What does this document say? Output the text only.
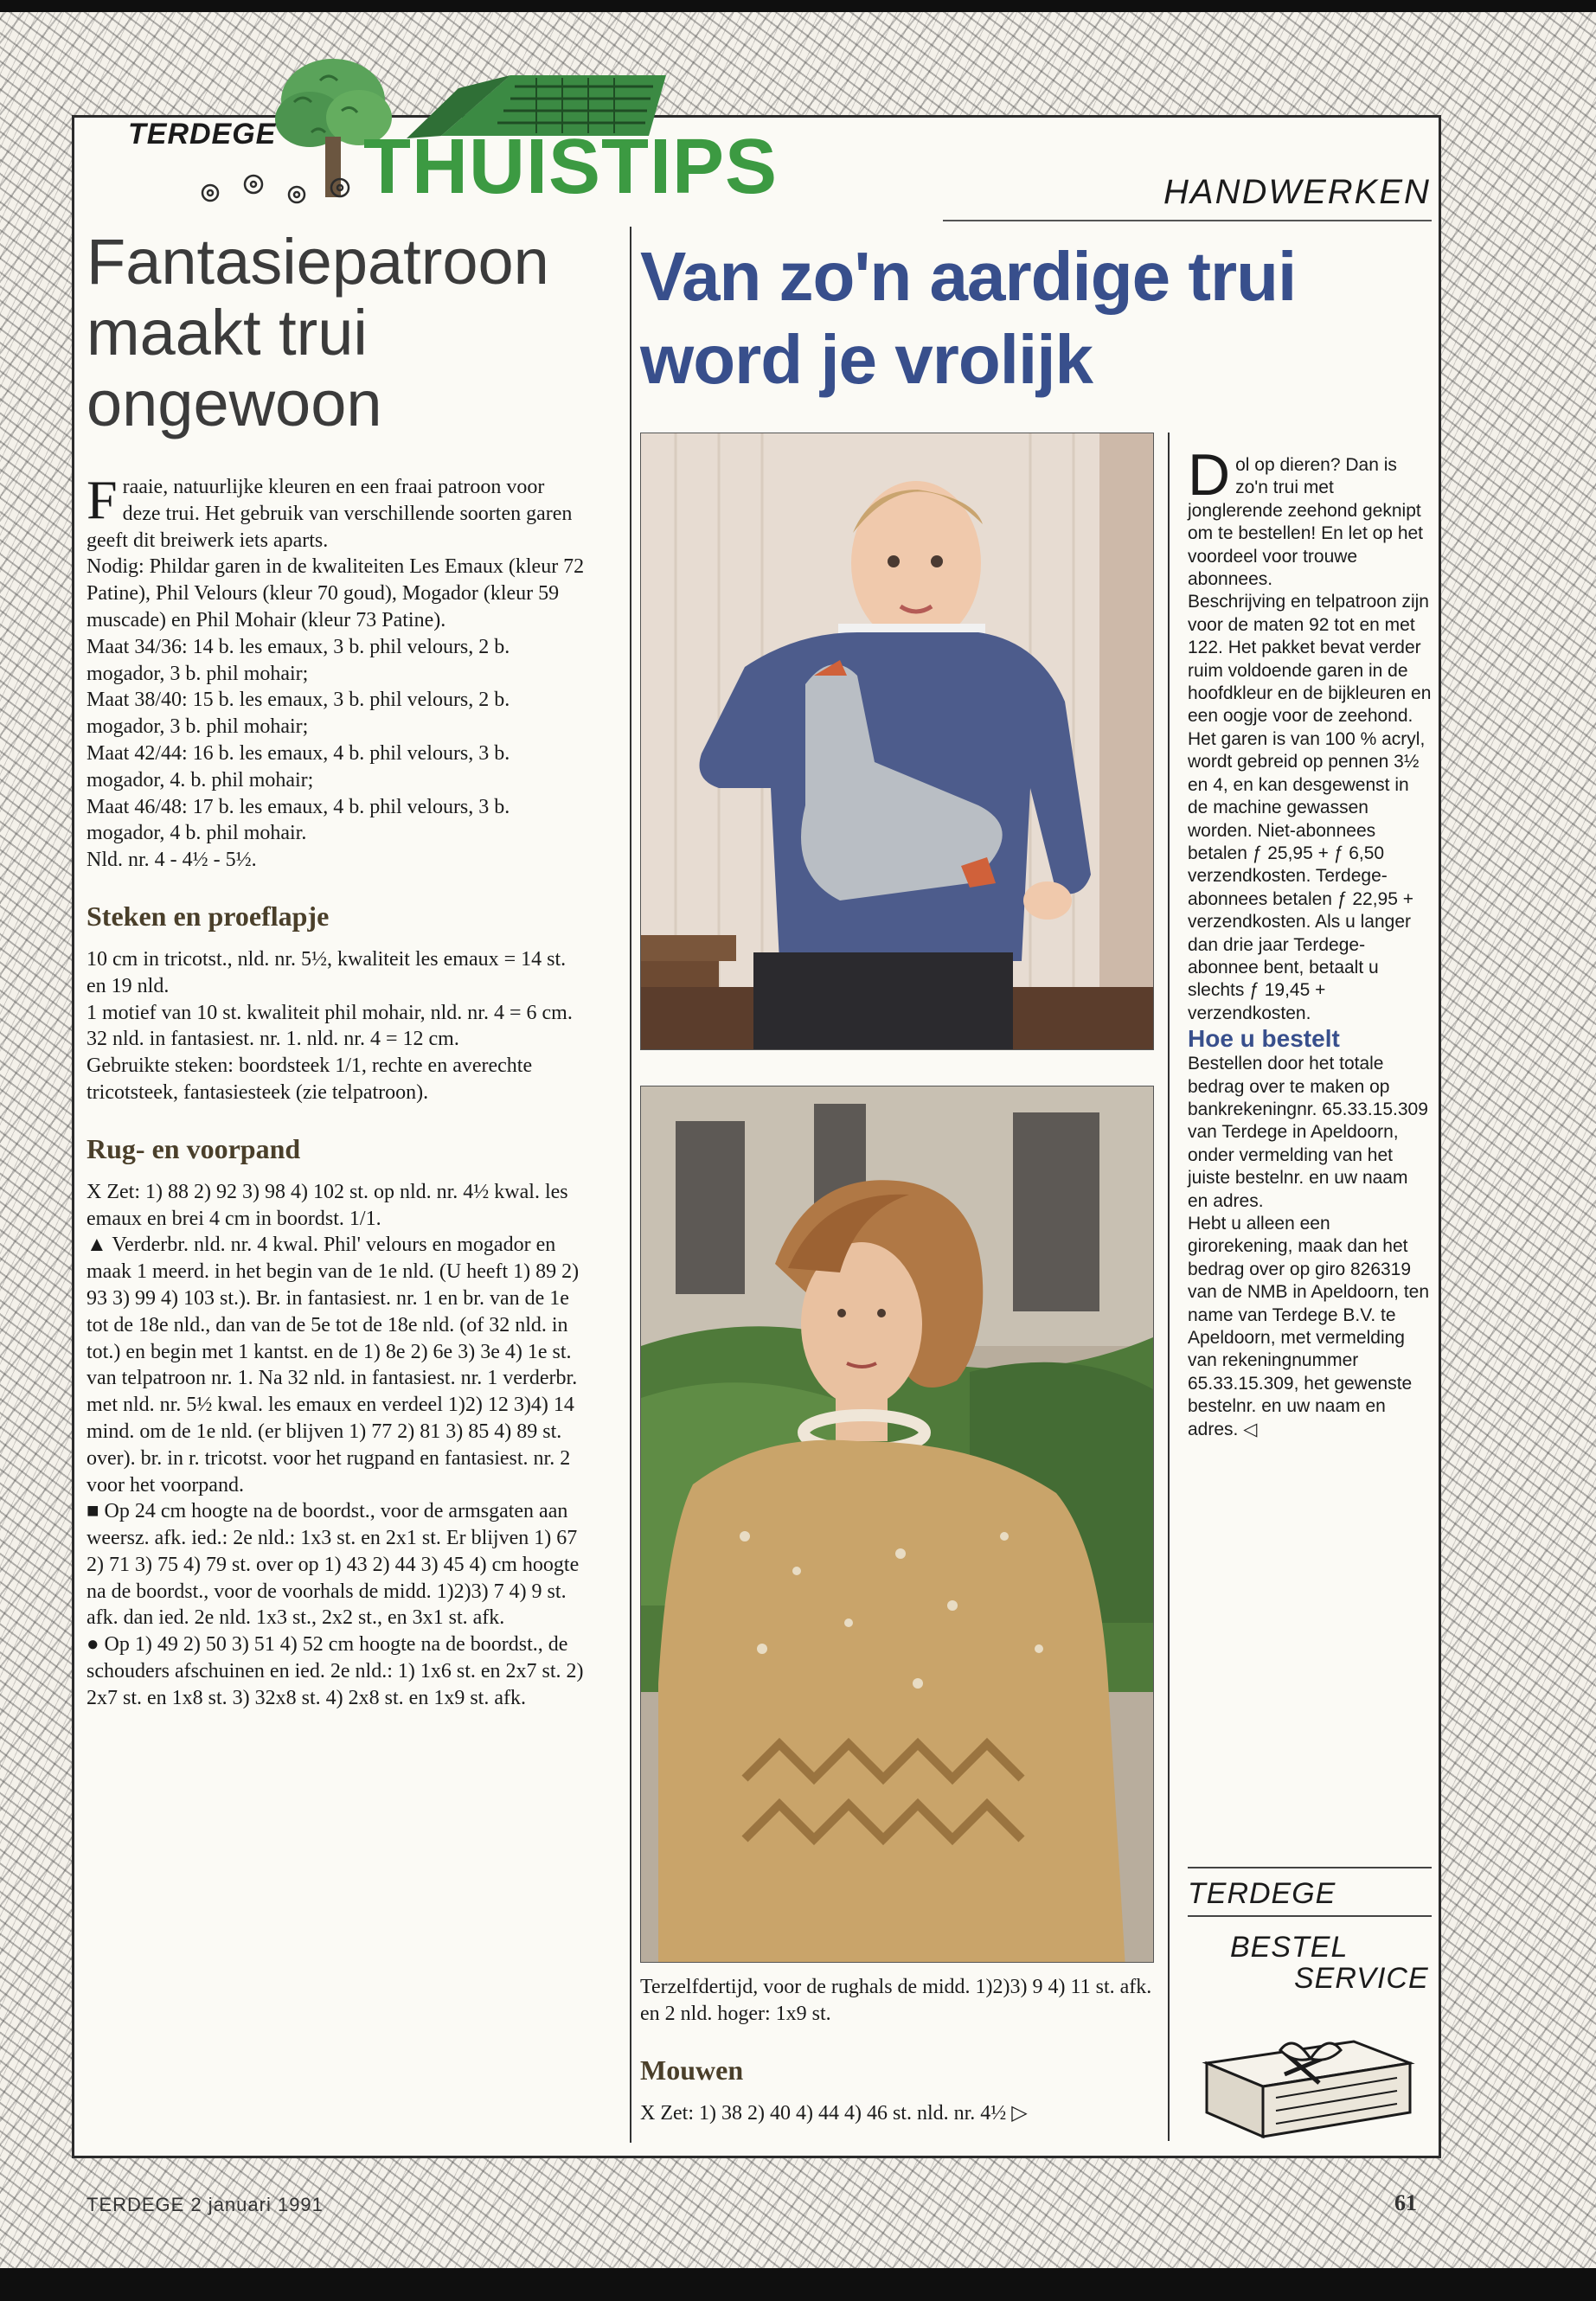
TERDEGE THUISTIPS	HANDWERKEN
Fantasiepatroon maakt trui ongewoon

Fraaie, natuurlijke kleuren en een fraai patroon voor deze trui. Het gebruik van verschillende soorten garen geeft dit breiwerk iets aparts.

Nodig: Phildar garen in de kwaliteiten Les Emaux (kleur 72 Patine), Phil Velours (kleur 70 goud), Mogador (kleur 59 muscade) en Phil Mohair (kleur 73 Patine).

Maat 34/36: 14 b. les emaux, 3 b. phil velours, 2 b. mogador, 3 b. phil mohair;

Maat 38/40: 15 b. les emaux, 3 b. phil velours, 2 b. mogador, 3 b. phil mohair;

Maat 42/44: 16 b. les emaux, 4 b. phil velours, 3 b. mogador, 4. b. phil mohair;

Maat 46/48: 17 b. les emaux, 4 b. phil velours, 3 b. mogador, 4 b. phil mohair.

Nld. nr. 4 - 4½ - 5½.

Steken en proeflapje

10 cm in tricotst., nld. nr. 5½, kwaliteit les emaux = 14 st. en 19 nld.

1 motief van 10 st. kwaliteit phil mohair, nld. nr. 4 = 6 cm.

32 nld. in fantasiest. nr. 1. nld. nr. 4 = 12 cm.

Gebruikte steken: boordsteek 1/1, rechte en averechte tricotsteek, fantasiesteek (zie telpatroon).

Rug- en voorpand

X Zet: 1) 88 2) 92 3) 98 4) 102 st. op nld. nr. 4½ kwal. les emaux en brei 4 cm in boordst. 1/1.

▲ Verderbr. nld. nr. 4 kwal. Phil' velours en mogador en maak 1 meerd. in het begin van de 1e nld. (U heeft 1) 89 2) 93 3) 99 4) 103 st.). Br. in fantasiest. nr. 1 en br. van de 1e tot de 18e nld., dan van de 5e tot de 18e nld. (of 32 nld. in tot.) en begin met 1 kantst. en de 1) 8e 2) 6e 3) 3e 4) 1e st. van telpatroon nr. 1. Na 32 nld. in fantasiest. nr. 1 verderbr. met nld. nr. 5½ kwal. les emaux en verdeel 1)2) 12 3)4) 14 mind. om de 1e nld. (er blijven 1) 77 2) 81 3) 85 4) 89 st. over). br. in r. tricotst. voor het rugpand en fantasiest. nr. 2 voor het voorpand.

■ Op 24 cm hoogte na de boordst., voor de armsgaten aan weersz. afk. ied.: 2e nld.: 1x3 st. en 2x1 st. Er blijven 1) 67 2) 71 3) 75 4) 79 st. over op 1) 43 2) 44 3) 45 4) cm hoogte na de boordst., voor de voorhals de midd. 1)2)3) 7 4) 9 st. afk. dan ied. 2e nld. 1x3 st., 2x2 st., en 3x1 st. afk.

● Op 1) 49 2) 50 3) 51 4) 52 cm hoogte na de boordst., de schouders afschuinen en ied. 2e nld.: 1) 1x6 st. en 2x7 st. 2) 2x7 st. en 1x8 st. 3) 32x8 st. 4) 2x8 st. en 1x9 st. afk.

Van zo'n aardige trui word je vrolijk

Terzelfdertijd, voor de rughals de midd. 1)2)3) 9 4) 11 st. afk. en 2 nld. hoger: 1x9 st.

Mouwen

X Zet: 1) 38 2) 40 4) 44 4) 46 st. nld. nr. 4½ ▷

Dol op dieren? Dan is zo'n trui met jonglerende zeehond geknipt om te bestellen! En let op het voordeel voor trouwe abonnees.

Beschrijving en telpatroon zijn voor de maten 92 tot en met 122. Het pakket bevat verder ruim voldoende garen in de hoofdkleur en de bijkleuren en een oogje voor de zeehond. Het garen is van 100 % acryl, wordt gebreid op pennen 3½ en 4, en kan desgewenst in de machine gewassen worden. Niet-abonnees betalen ƒ 25,95 + ƒ 6,50 verzendkosten. Terdege-abonnees betalen ƒ 22,95 + verzendkosten. Als u langer dan drie jaar Terdege-abonnee bent, betaalt u slechts ƒ 19,45 + verzendkosten.

Hoe u bestelt

Bestellen door het totale bedrag over te maken op bankrekeningnr. 65.33.15.309 van Terdege in Apeldoorn, onder vermelding van het juiste bestelnr. en uw naam en adres.

Hebt u alleen een girorekening, maak dan het bedrag over op giro 826319 van de NMB in Apeldoorn, ten name van Terdege B.V. te Apeldoorn, met vermelding van rekeningnummer 65.33.15.309, het gewenste bestelnr. en uw naam en adres. ◁

TERDEGE
BESTEL
SERVICE
TERDEGE 2 januari 1991	61
